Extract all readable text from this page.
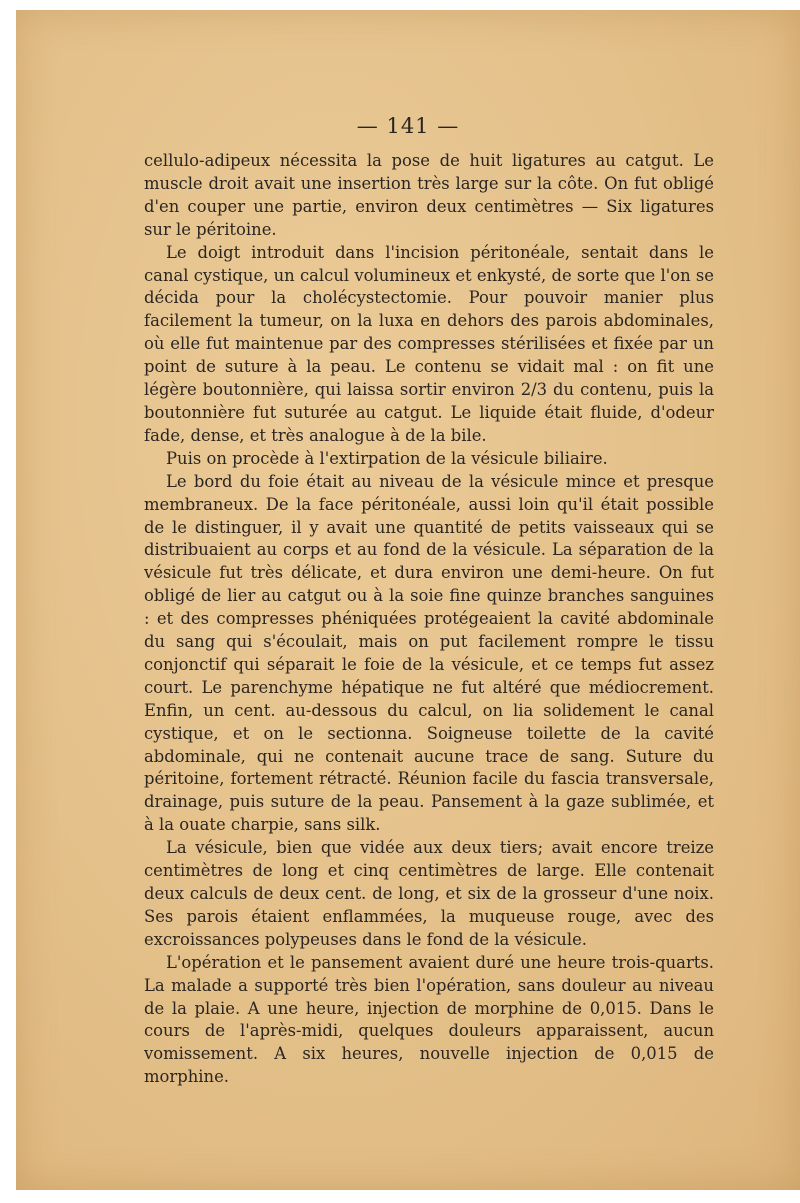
— 141 —

cellulo-adipeux nécessita la pose de huit ligatures au catgut. Le muscle droit avait une insertion très large sur la côte. On fut obligé d'en couper une partie, environ deux centimètres — Six ligatures sur le péritoine.

Le doigt introduit dans l'incision péritonéale, sentait dans le canal cystique, un calcul volumineux et enkysté, de sorte que l'on se décida pour la cholécystectomie. Pour pouvoir manier plus facilement la tumeur, on la luxa en dehors des parois abdominales, où elle fut maintenue par des compresses stérilisées et fixée par un point de suture à la peau. Le contenu se vidait mal : on fit une légère boutonnière, qui laissa sortir environ 2/3 du contenu, puis la boutonnière fut suturée au catgut. Le liquide était fluide, d'odeur fade, dense, et très analogue à de la bile.

Puis on procède à l'extirpation de la vésicule biliaire.

Le bord du foie était au niveau de la vésicule mince et presque membraneux. De la face péritonéale, aussi loin qu'il était possible de le distinguer, il y avait une quantité de petits vaisseaux qui se distribuaient au corps et au fond de la vésicule. La séparation de la vésicule fut très délicate, et dura environ une demi-heure. On fut obligé de lier au catgut ou à la soie fine quinze branches sanguines : et des compresses phéniquées protégeaient la cavité abdominale du sang qui s'écoulait, mais on put facilement rompre le tissu conjonctif qui séparait le foie de la vésicule, et ce temps fut assez court. Le parenchyme hépatique ne fut altéré que médiocrement. Enfin, un cent. au-dessous du calcul, on lia solidement le canal cystique, et on le sectionna. Soigneuse toilette de la cavité abdominale, qui ne contenait aucune trace de sang. Suture du péritoine, fortement rétracté. Réunion facile du fascia transversale, drainage, puis suture de la peau. Pansement à la gaze sublimée, et à la ouate charpie, sans silk.

La vésicule, bien que vidée aux deux tiers; avait encore treize centimètres de long et cinq centimètres de large. Elle contenait deux calculs de deux cent. de long, et six de la grosseur d'une noix. Ses parois étaient enflammées, la muqueuse rouge, avec des excroissances polypeuses dans le fond de la vésicule.

L'opération et le pansement avaient duré une heure trois-quarts. La malade a supporté très bien l'opération, sans douleur au niveau de la plaie. A une heure, injection de morphine de 0,015. Dans le cours de l'après-midi, quelques douleurs apparaissent, aucun vomissement. A six heures, nouvelle injection de 0,015 de morphine.
